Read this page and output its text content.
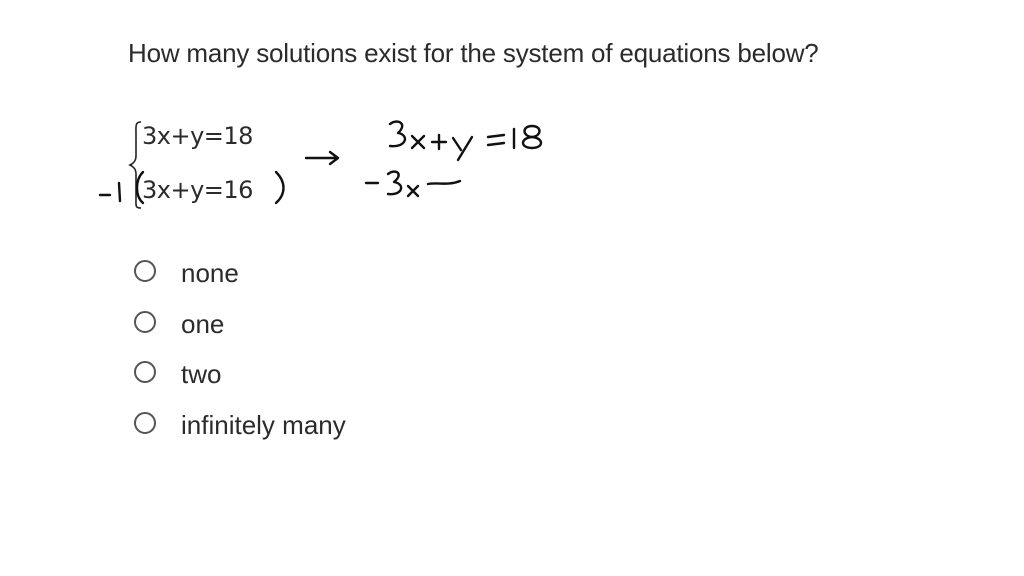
How many solutions exist for the system of equations below?
3x+y=18
3x+y=16
none
one
two
infinitely many
